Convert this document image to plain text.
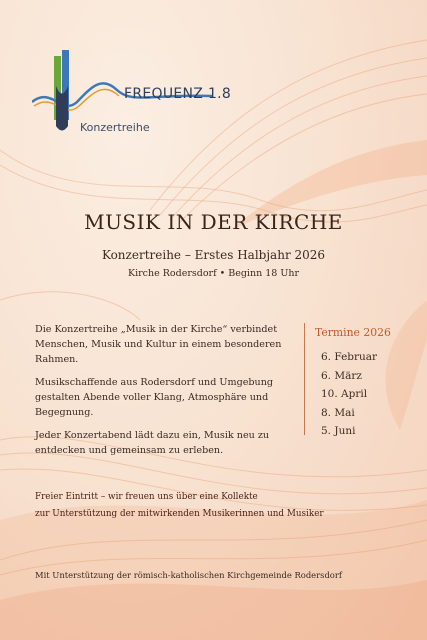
FREQUENZ 1.8
Konzertreihe
MUSIK IN DER KIRCHE
Konzertreihe – Erstes Halbjahr 2026
Kirche Rodersdorf • Beginn 18 Uhr

Die Konzertreihe „Musik in der Kirche“ verbindet Menschen, Musik und Kultur in einem besonderen Rahmen.

Musikschaffende aus Rodersdorf und Umgebung gestalten Abende voller Klang, Atmosphäre und Begegnung.

Jeder Konzertabend lädt dazu ein, Musik neu zu entdecken und gemeinsam zu erleben.

Termine 2026
6. Februar
6. März
10. April
8. Mai
5. Juni
Freier Eintritt – wir freuen uns über eine Kollekte
zur Unterstützung der mitwirkenden Musikerinnen und Musiker
Mit Unterstützung der römisch-katholischen Kirchgemeinde Rodersdorf
